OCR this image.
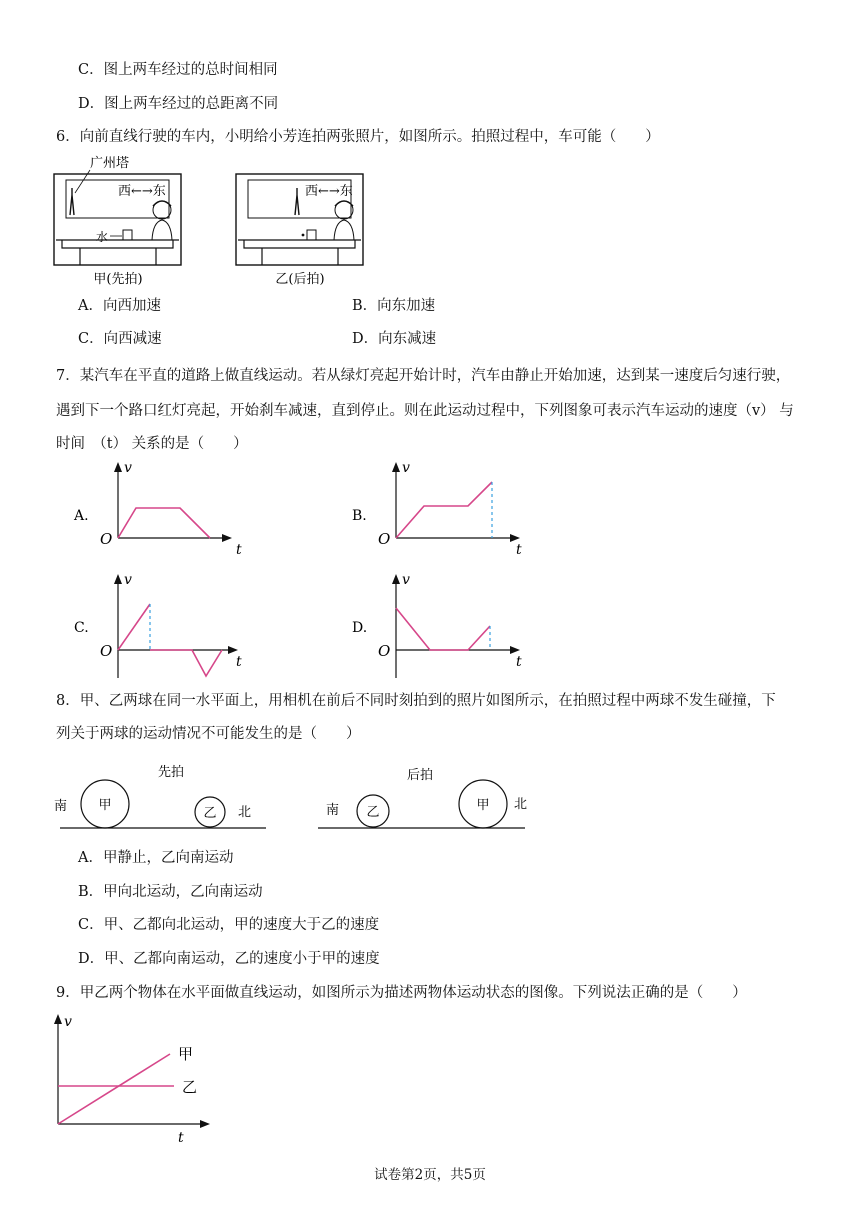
C．图上两车经过的总时间相同
D．图上两车经过的总距离不同
6．向前直线行驶的车内，小明给小芳连拍两张照片，如图所示。拍照过程中，车可能（　　）
广州塔
西←→东
水
甲(先拍)
西←→东
乙(后拍)
A．向西加速	B．向东加速
C．向西减速	D．向东减速
7．某汽车在平直的道路上做直线运动。若从绿灯亮起开始计时，汽车由静止开始加速，达到某一速度后匀速行驶，
遇到下一个路口红灯亮起，开始刹车减速，直到停止。则在此运动过程中，下列图象可表示汽车运动的速度（v） 与
时间　（t） 关系的是（　　）
A.
v
t
O
B.
v
t
O
C.
v
t
O
D.
v
t
O
8．甲、乙两球在同一水平面上，用相机在前后不同时刻拍到的照片如图所示，在拍照过程中两球不发生碰撞，下
列关于两球的运动情况不可能发生的是（　　）
先拍
甲
乙
南	北
后拍
乙	甲
南	北
A．甲静止，乙向南运动
B．甲向北运动，乙向南运动
C．甲、乙都向北运动，甲的速度大于乙的速度
D．甲、乙都向南运动，乙的速度小于甲的速度
9．甲乙两个物体在水平面做直线运动，如图所示为描述两物体运动状态的图像。下列说法正确的是（　　）
v
t
甲
乙
试卷第2页，共5页
